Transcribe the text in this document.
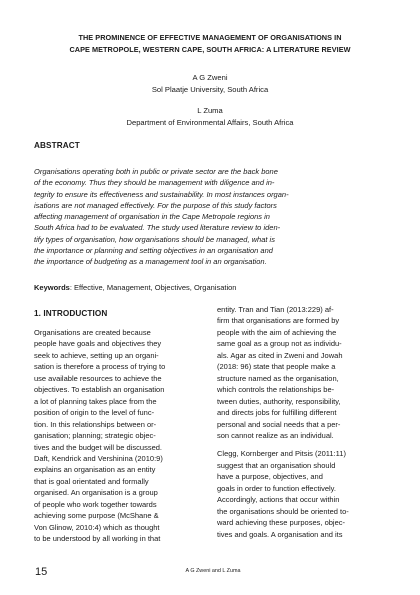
THE PROMINENCE OF EFFECTIVE MANAGEMENT OF ORGANISATIONS IN
CAPE METROPOLE, WESTERN CAPE, SOUTH AFRICA: A LITERATURE REVIEW
A G Zweni
Sol Plaatje University, South Africa
L Zuma
Department of Environmental Affairs, South Africa
ABSTRACT
Organisations operating both in public or private sector are the back bone
of the economy. Thus they should be management with diligence and in-
tegrity to ensure its effectiveness and sustainability. In most instances organ-
isations are not managed effectively. For the purpose of this study factors
affecting management of organisation in the Cape Metropole regions in
South Africa had to be evaluated. The study used literature review to iden-
tify types of organisation, how organisations should be managed, what is
the importance or planning and setting objectives in an organisation and
the importance of budgeting as a management tool in an organisation.
Keywords: Effective, Management, Objectives, Organisation
1. INTRODUCTION
Organisations are created because
people have goals and objectives they
seek to achieve, setting up an organi-
sation is therefore a process of trying to
use available resources to achieve the
objectives. To establish an organisation
a lot of planning takes place from the
position of origin to the level of func-
tion. In this relationships between or-
ganisation; planning; strategic objec-
tives and the budget will be discussed.
Daft, Kendrick and Vershinina (2010:9)
explains an organisation as an entity
that is goal orientated and formally
organised. An organisation is a group
of people who work together towards
achieving some purpose (McShane &
Von Glinow, 2010:4) which as thought
to be understood by all working in that
entity. Tran and Tian (2013:229) af-
firm that organisations are formed by
people with the aim of achieving the
same goal as a group not as individu-
als. Agar as cited in Zweni and Jowah
(2018: 96) state that people make a
structure named as the organisation,
which controls the relationships be-
tween duties, authority, responsibility,
and directs jobs for fulfilling different
personal and social needs that a per-
son cannot realize as an individual.
Clegg, Kornberger and Pitsis (2011:11)
suggest that an organisation should
have a purpose, objectives, and
goals in order to function effectively.
Accordingly, actions that occur within
the organisations should be oriented to-
ward achieving these purposes, objec-
tives and goals. A organisation and its
15	A G Zweni and L Zuma
